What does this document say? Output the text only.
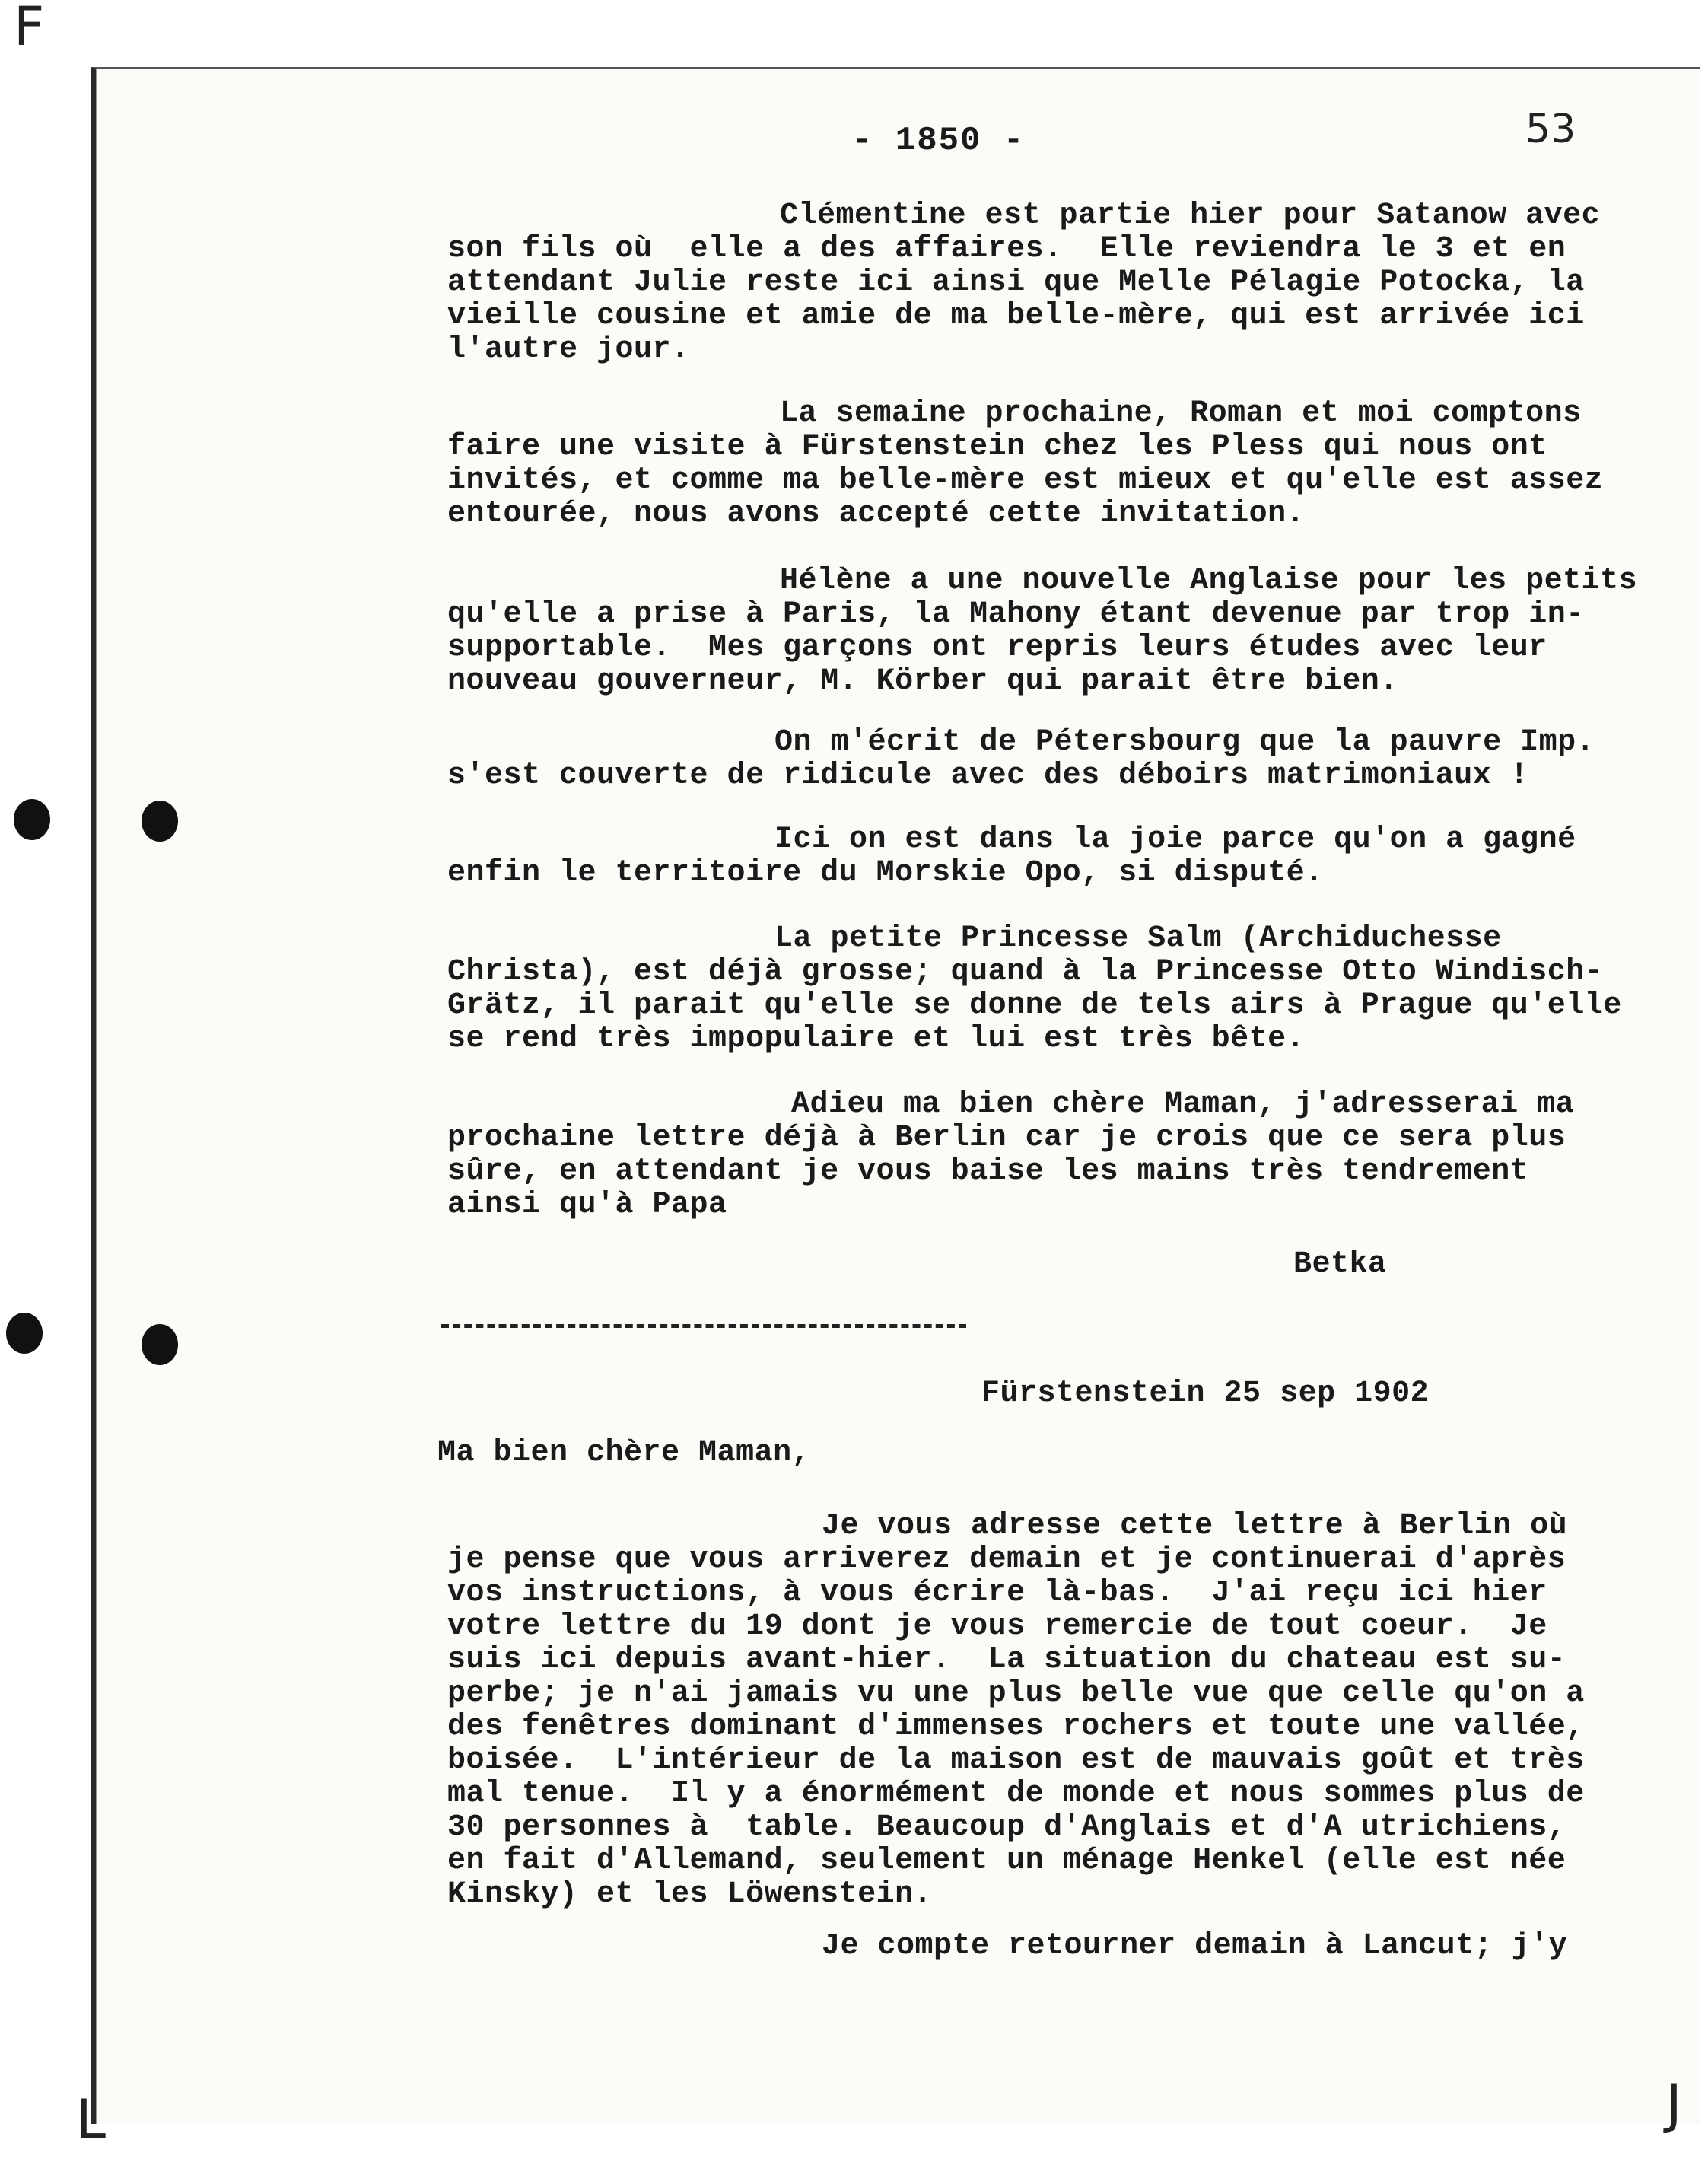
F
L	J
- 1850 -	53
Clémentine est partie hier pour Satanow avec
son fils où  elle a des affaires.  Elle reviendra le 3 et en
attendant Julie reste ici ainsi que Melle Pélagie Potocka, la
vieille cousine et amie de ma belle-mère, qui est arrivée ici
l'autre jour.
La semaine prochaine, Roman et moi comptons
faire une visite à Fürstenstein chez les Pless qui nous ont
invités, et comme ma belle-mère est mieux et qu'elle est assez
entourée, nous avons accepté cette invitation.
Hélène a une nouvelle Anglaise pour les petits
qu'elle a prise à Paris, la Mahony étant devenue par trop in-
supportable.  Mes garçons ont repris leurs études avec leur
nouveau gouverneur, M. Körber qui parait être bien.
On m'écrit de Pétersbourg que la pauvre Imp.
s'est couverte de ridicule avec des déboirs matrimoniaux !
Ici on est dans la joie parce qu'on a gagné
enfin le territoire du Morskie Opo, si disputé.
La petite Princesse Salm (Archiduchesse
Christa), est déjà grosse; quand à la Princesse Otto Windisch-
Grätz, il parait qu'elle se donne de tels airs à Prague qu'elle
se rend très impopulaire et lui est très bête.
Adieu ma bien chère Maman, j'adresserai ma
prochaine lettre déjà à Berlin car je crois que ce sera plus
sûre, en attendant je vous baise les mains très tendrement
ainsi qu'à Papa
Betka
Fürstenstein 25 sep 1902
Ma bien chère Maman,
Je vous adresse cette lettre à Berlin où
je pense que vous arriverez demain et je continuerai d'après
vos instructions, à vous écrire là-bas.  J'ai reçu ici hier
votre lettre du 19 dont je vous remercie de tout coeur.  Je
suis ici depuis avant-hier.  La situation du chateau est su-
perbe; je n'ai jamais vu une plus belle vue que celle qu'on a
des fenêtres dominant d'immenses rochers et toute une vallée,
boisée.  L'intérieur de la maison est de mauvais goût et très
mal tenue.  Il y a énormément de monde et nous sommes plus de
30 personnes à  table. Beaucoup d'Anglais et d'A utrichiens,
en fait d'Allemand, seulement un ménage Henkel (elle est née
Kinsky) et les Löwenstein.
Je compte retourner demain à Lancut; j'y
